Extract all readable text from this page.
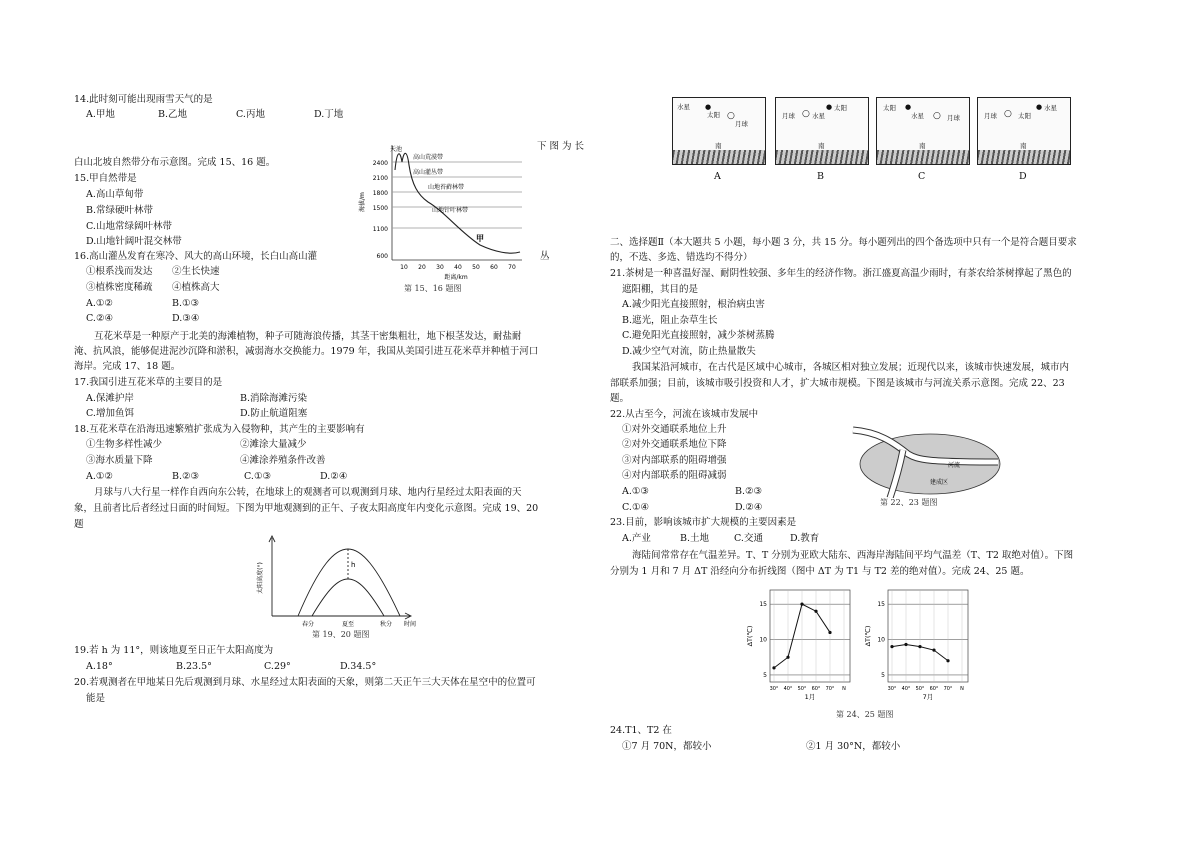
14.此时刻可能出现雨雪天气的是
A.甲地	B.乙地	C.丙地	D.丁地
下 图 为 长
白山北坡自然带分布示意图。完成 15、16 题。
15.甲自然带是
A.高山草甸带
B.常绿硬叶林带
C.山地常绿阔叶林带
D.山地针阔叶混交林带
16.高山灌丛发育在寒冷、风大的高山环境，长白山高山灌	丛
①根系浅而发达 ②生长快速
③植株密度稀疏 ④植株高大
A.①②	B.①③
C.②④	D.③④
2400
2100
1800
1500
1100
600
海拔/m
天池
高山荒漠带
高山灌丛带
山地苔藓林带
山地针叶林带
甲
10 20 30 40 50 60 70
距离/km
第 15、16 题图
互花米草是一种原产于北美的海滩植物，种子可随海浪传播，其茎干密集粗壮，地下根茎发达，耐盐耐
淹、抗风浪，能够促进泥沙沉降和淤积，减弱海水交换能力。1979 年，我国从美国引进互花米草并种植于河口
海岸。完成 17、18 题。
17.我国引进互花米草的主要目的是
A.保滩护岸	B.消除海滩污染
C.增加鱼饵	D.防止航道阻塞
18.互花米草在沿海迅速繁殖扩张成为入侵物种，其产生的主要影响有
①生物多样性减少	②滩涂大量减少
③海水质量下降	④滩涂养殖条件改善
A.①②	B.②③	C.①③	D.②④
月球与八大行星一样作自西向东公转，在地球上的观测者可以观测到月球、地内行星经过太阳表面的天
象，且前者比后者经过日面的时间短。下图为甲地观测到的正午、子夜太阳高度年内变化示意图。完成 19、20
题
太阳高度(°)	h
春分	夏至	秋分 时间
第 19、20 题图
19.若 h 为 11°，则该地夏至日正午太阳高度为
A.18°	B.23.5°	C.29°	D.34.5°
20.若观测者在甲地某日先后观测到月球、水星经过太阳表面的天象，则第二天正午三大天体在星空中的位置可
能是
水星 ●
太阳
月球
○
南
月球 ○ 水星
● 太阳
南
太阳 ●
水星 ○ 月球
南
月球 ○ 太阳
● 水星
南
A	B	C	D
二、选择题Ⅱ（本大题共 5 小题，每小题 3 分，共 15 分。每小题列出的四个备选项中只有一个是符合题目要求
的，不选、多选、错选均不得分）
21.茶树是一种喜温好湿、耐阴性较强、多年生的经济作物。浙江盛夏高温少雨时，有茶农给茶树撑起了黑色的
遮阳棚，其目的是
A.减少阳光直接照射，根治病虫害
B.遮光，阻止杂草生长
C.避免阳光直接照射，减少茶树蒸腾
D.减少空气对流，防止热量散失
我国某沿河城市，在古代是区域中心城市，各城区相对独立发展；近现代以来，该城市快速发展，城市内
部联系加强；目前，该城市吸引投资和人才，扩大城市规模。下图是该城市与河流关系示意图。完成 22、23
题。
22.从古至今，河流在该城市发展中
①对外交通联系地位上升
②对外交通联系地位下降
③对内部联系的阻碍增强
④对内部联系的阻碍减弱
A.①③	B.②③
C.①④	D.②④
河流
建成区
第 22、23 题图
23.目前，影响该城市扩大规模的主要因素是
A.产业	B.土地	C.交通	D.教育
海陆间常常存在气温差异。T、T 分别为亚欧大陆东、西海岸海陆间平均气温差（T、T2 取绝对值）。下图
分别为 1 月和 7 月 ΔT 沿经向分布折线图（图中 ΔT 为 T1 与 T2 差的绝对值）。完成 24、25 题。
15
10
5
30° 40° 50° 60° 70° N
ΔT(℃)
1月
15
10
5
30° 40° 50° 60° 70° N
ΔT(℃)
7月
第 24、25 题图
24.T1、T2 在
①7 月 70N，都较小	②1 月 30°N，都较小
